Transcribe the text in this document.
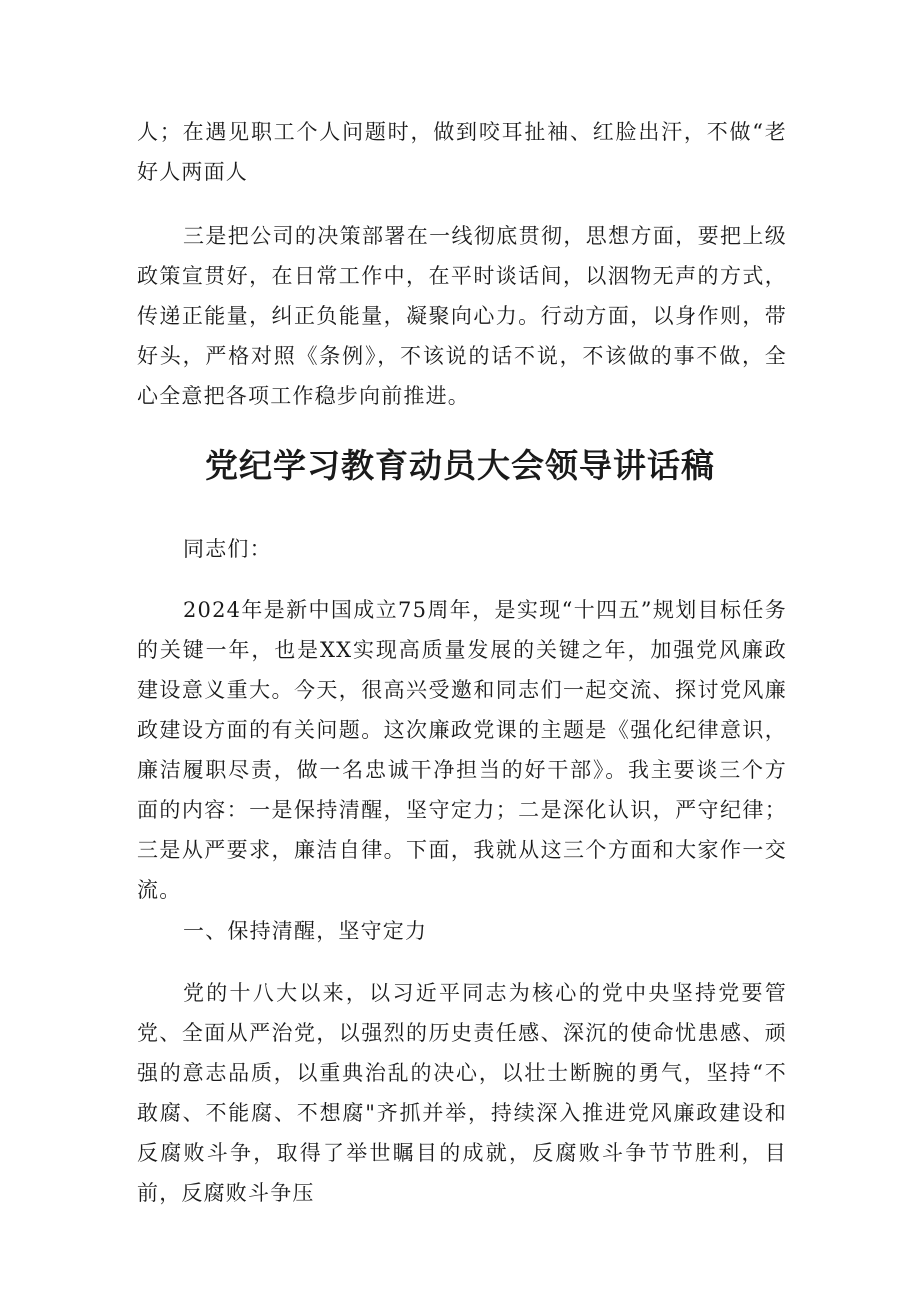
人；在遇见职工个人问题时，做到咬耳扯袖、红脸出汗，不做“老好人两面人

三是把公司的决策部署在一线彻底贯彻，思想方面，要把上级政策宣贯好，在日常工作中，在平时谈话间，以洇物无声的方式，传递正能量，纠正负能量，凝聚向心力。行动方面，以身作则，带好头，严格对照《条例》，不该说的话不说，不该做的事不做，全心全意把各项工作稳步向前推进。

党纪学习教育动员大会领导讲话稿

同志们：

2024年是新中国成立75周年，是实现“十四五”规划目标任务的关键一年，也是XX实现高质量发展的关键之年，加强党风廉政建设意义重大。今天，很高兴受邀和同志们一起交流、探讨党风廉政建设方面的有关问题。这次廉政党课的主题是《强化纪律意识，廉洁履职尽责，做一名忠诚干净担当的好干部》。我主要谈三个方面的内容：一是保持清醒，坚守定力；二是深化认识，严守纪律；三是从严要求，廉洁自律。下面，我就从这三个方面和大家作一交流。

一、保持清醒，坚守定力

党的十八大以来，以习近平同志为核心的党中央坚持党要管党、全面从严治党，以强烈的历史责任感、深沉的使命忧患感、顽强的意志品质，以重典治乱的决心，以壮士断腕的勇气，坚持“不敢腐、不能腐、不想腐"齐抓并举，持续深入推进党风廉政建设和反腐败斗争，取得了举世瞩目的成就，反腐败斗争节节胜利，目前，反腐败斗争压
